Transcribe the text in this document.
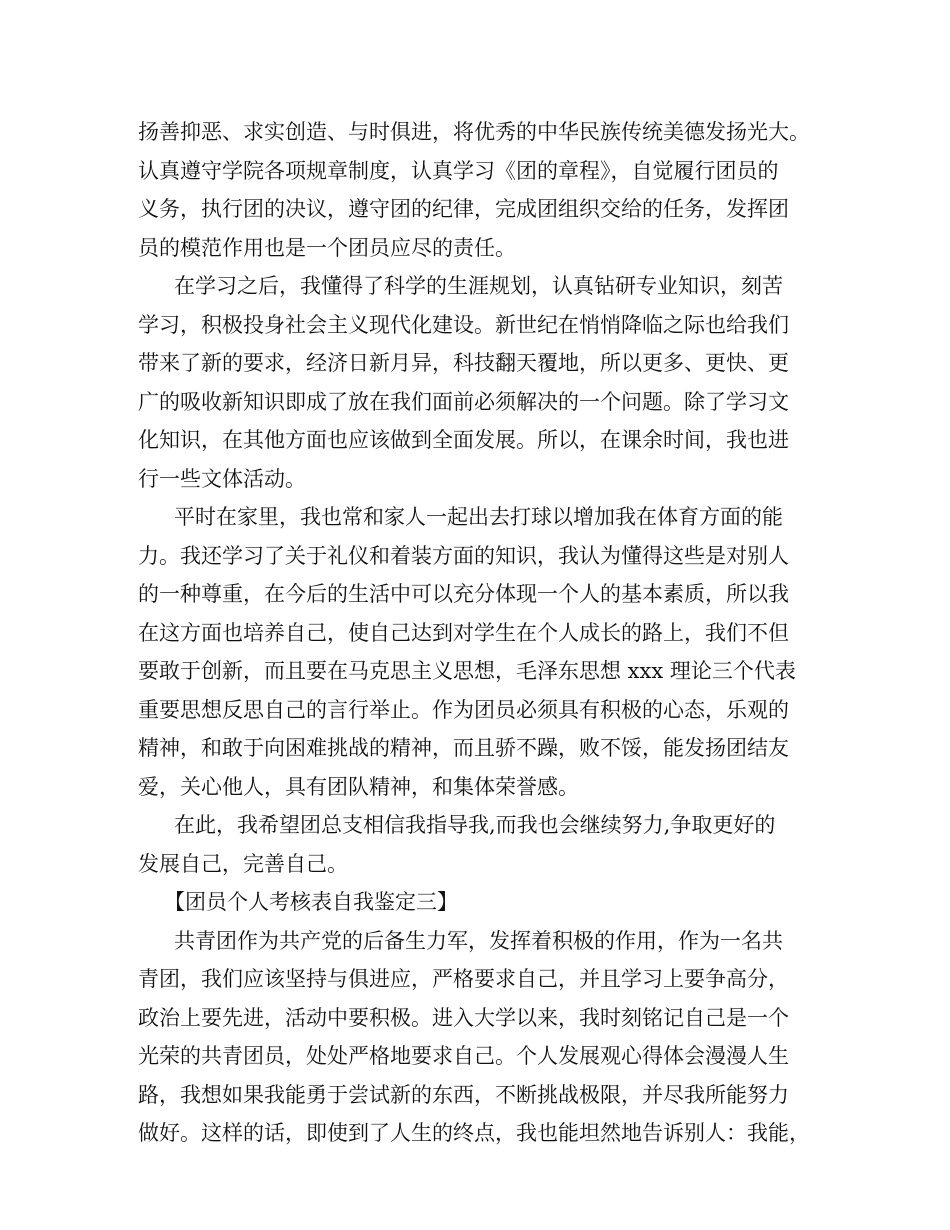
扬善抑恶、求实创造、与时俱进，将优秀的中华民族传统美德发扬光大。
认真遵守学院各项规章制度，认真学习《团的章程》，自觉履行团员的
义务，执行团的决议，遵守团的纪律，完成团组织交给的任务，发挥团
员的模范作用也是一个团员应尽的责任。
在学习之后，我懂得了科学的生涯规划，认真钻研专业知识，刻苦
学习，积极投身社会主义现代化建设。新世纪在悄悄降临之际也给我们
带来了新的要求，经济日新月异，科技翻天覆地，所以更多、更快、更
广的吸收新知识即成了放在我们面前必须解决的一个问题。除了学习文
化知识，在其他方面也应该做到全面发展。所以，在课余时间，我也进
行一些文体活动。
平时在家里，我也常和家人一起出去打球以增加我在体育方面的能
力。我还学习了关于礼仪和着装方面的知识，我认为懂得这些是对别人
的一种尊重，在今后的生活中可以充分体现一个人的基本素质，所以我
在这方面也培养自己，使自己达到对学生在个人成长的路上，我们不但
要敢于创新，而且要在马克思主义思想，毛泽东思想 xxx 理论三个代表
重要思想反思自己的言行举止。作为团员必须具有积极的心态，乐观的
精神，和敢于向困难挑战的精神，而且骄不躁，败不馁，能发扬团结友
爱，关心他人，具有团队精神，和集体荣誉感。
在此，我希望团总支相信我指导我,而我也会继续努力,争取更好的
发展自己，完善自己。
【团员个人考核表自我鉴定三】
共青团作为共产党的后备生力军，发挥着积极的作用，作为一名共
青团，我们应该坚持与俱进应，严格要求自己，并且学习上要争高分，
政治上要先进，活动中要积极。进入大学以来，我时刻铭记自己是一个
光荣的共青团员，处处严格地要求自己。个人发展观心得体会漫漫人生
路，我想如果我能勇于尝试新的东西，不断挑战极限，并尽我所能努力
做好。这样的话，即使到了人生的终点，我也能坦然地告诉别人：我能，
